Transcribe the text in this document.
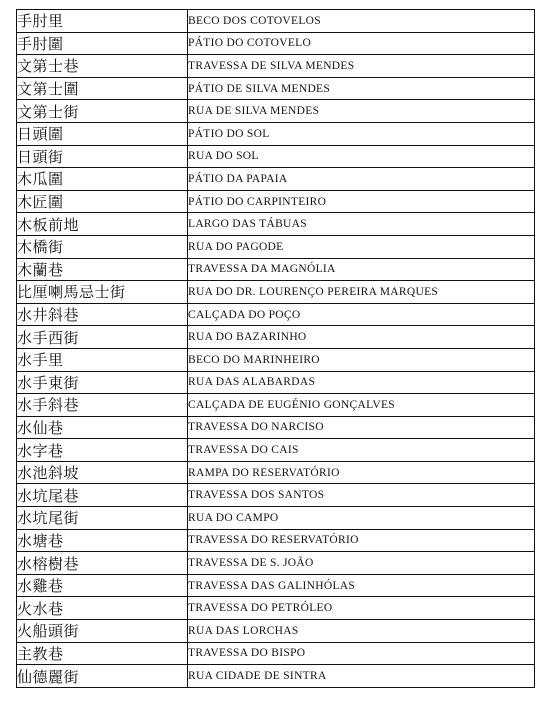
手肘里	BECO DOS COTOVELOS
手肘圍	PÁTIO DO COTOVELO
文第士巷	TRAVESSA DE SILVA MENDES
文第士圍	PÁTIO DE SILVA MENDES
文第士街	RUA DE SILVA MENDES
日頭圍	PÁTIO DO SOL
日頭街	RUA DO SOL
木瓜圍	PÁTIO DA PAPAIA
木匠圍	PÁTIO DO CARPINTEIRO
木板前地	LARGO DAS TÁBUAS
木橋街	RUA DO PAGODE
木蘭巷	TRAVESSA DA MAGNÓLIA
比厘喇馬忌士街	RUA DO DR. LOURENÇO PEREIRA MARQUES
水井斜巷	CALÇADA DO POÇO
水手西街	RUA DO BAZARINHO
水手里	BECO DO MARINHEIRO
水手東街	RUA DAS ALABARDAS
水手斜巷	CALÇADA DE EUGÉNIO GONÇALVES
水仙巷	TRAVESSA DO NARCISO
水字巷	TRAVESSA DO CAIS
水池斜坡	RAMPA DO RESERVATÓRIO
水坑尾巷	TRAVESSA DOS SANTOS
水坑尾街	RUA DO CAMPO
水塘巷	TRAVESSA DO RESERVATÓRIO
水榕樹巷	TRAVESSA DE S. JOÃO
水雞巷	TRAVESSA DAS GALINHÓLAS
火水巷	TRAVESSA DO PETRÓLEO
火船頭街	RUA DAS LORCHAS
主教巷	TRAVESSA DO BISPO
仙德麗街	RUA CIDADE DE SINTRA
